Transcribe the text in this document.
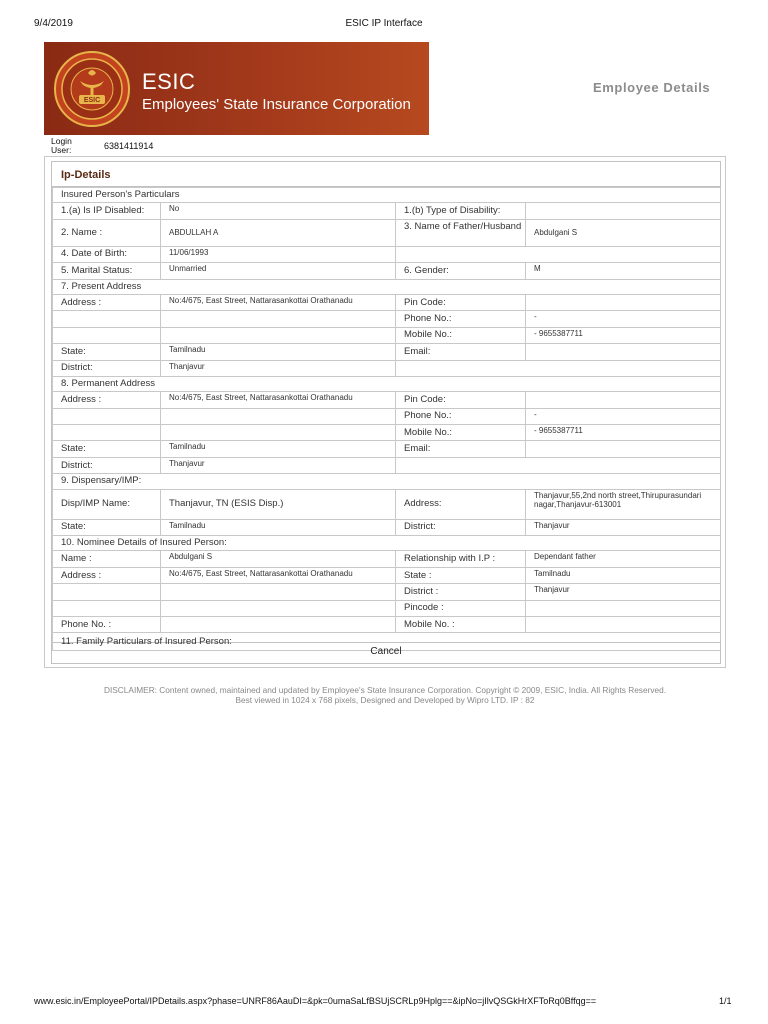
9/4/2019	ESIC IP Interface
ESIC
ESIC
Employees' State Insurance Corporation
Employee Details
Login User:	6381411914
Ip-Details
Insured Person's Particulars			
1.(a) Is IP Disabled:	No	1.(b) Type of Disability:	
2. Name :	ABDULLAH A	3. Name of Father/Husband	Abdulgani S
4. Date of Birth:	11/06/1993		
5. Marital Status:	Unmarried	6. Gender:	M
7. Present Address			
Address :	No:4/675, East Street, Nattarasankottai Orathanadu	Pin Code:	
		Phone No.:	-
		Mobile No.:	- 9655387711
State:	Tamilnadu	Email:	
District:	Thanjavur		
8. Permanent Address			
Address :	No:4/675, East Street, Nattarasankottai Orathanadu	Pin Code:	
		Phone No.:	-
		Mobile No.:	- 9655387711
State:	Tamilnadu	Email:	
District:	Thanjavur		
9. Dispensary/IMP:			
Disp/IMP Name:	Thanjavur, TN (ESIS Disp.)	Address:	Thanjavur,55,2nd north street,Thirupurasundari nagar,Thanjavur-613001
State:	Tamilnadu	District:	Thanjavur
10. Nominee Details of Insured Person:			
Name :	Abdulgani S	Relationship with I.P :	Dependant father
Address :	No:4/675, East Street, Nattarasankottai Orathanadu	State :	Tamilnadu
		District :	Thanjavur
		Pincode :	
Phone No. :		Mobile No. :	
11. Family Particulars of Insured Person:			
Cancel
DISCLAIMER: Content owned, maintained and updated by Employee's State Insurance Corporation. Copyright © 2009, ESIC, India. All Rights Reserved.
Best viewed in 1024 x 768 pixels, Designed and Developed by Wipro LTD. IP : 82
www.esic.in/EmployeePortal/IPDetails.aspx?phase=UNRF86AauDI=&pk=0umaSaLfBSUjSCRLp9Hplg==&ipNo=jIlvQSGkHrXFToRq0Bffqg==	1/1
